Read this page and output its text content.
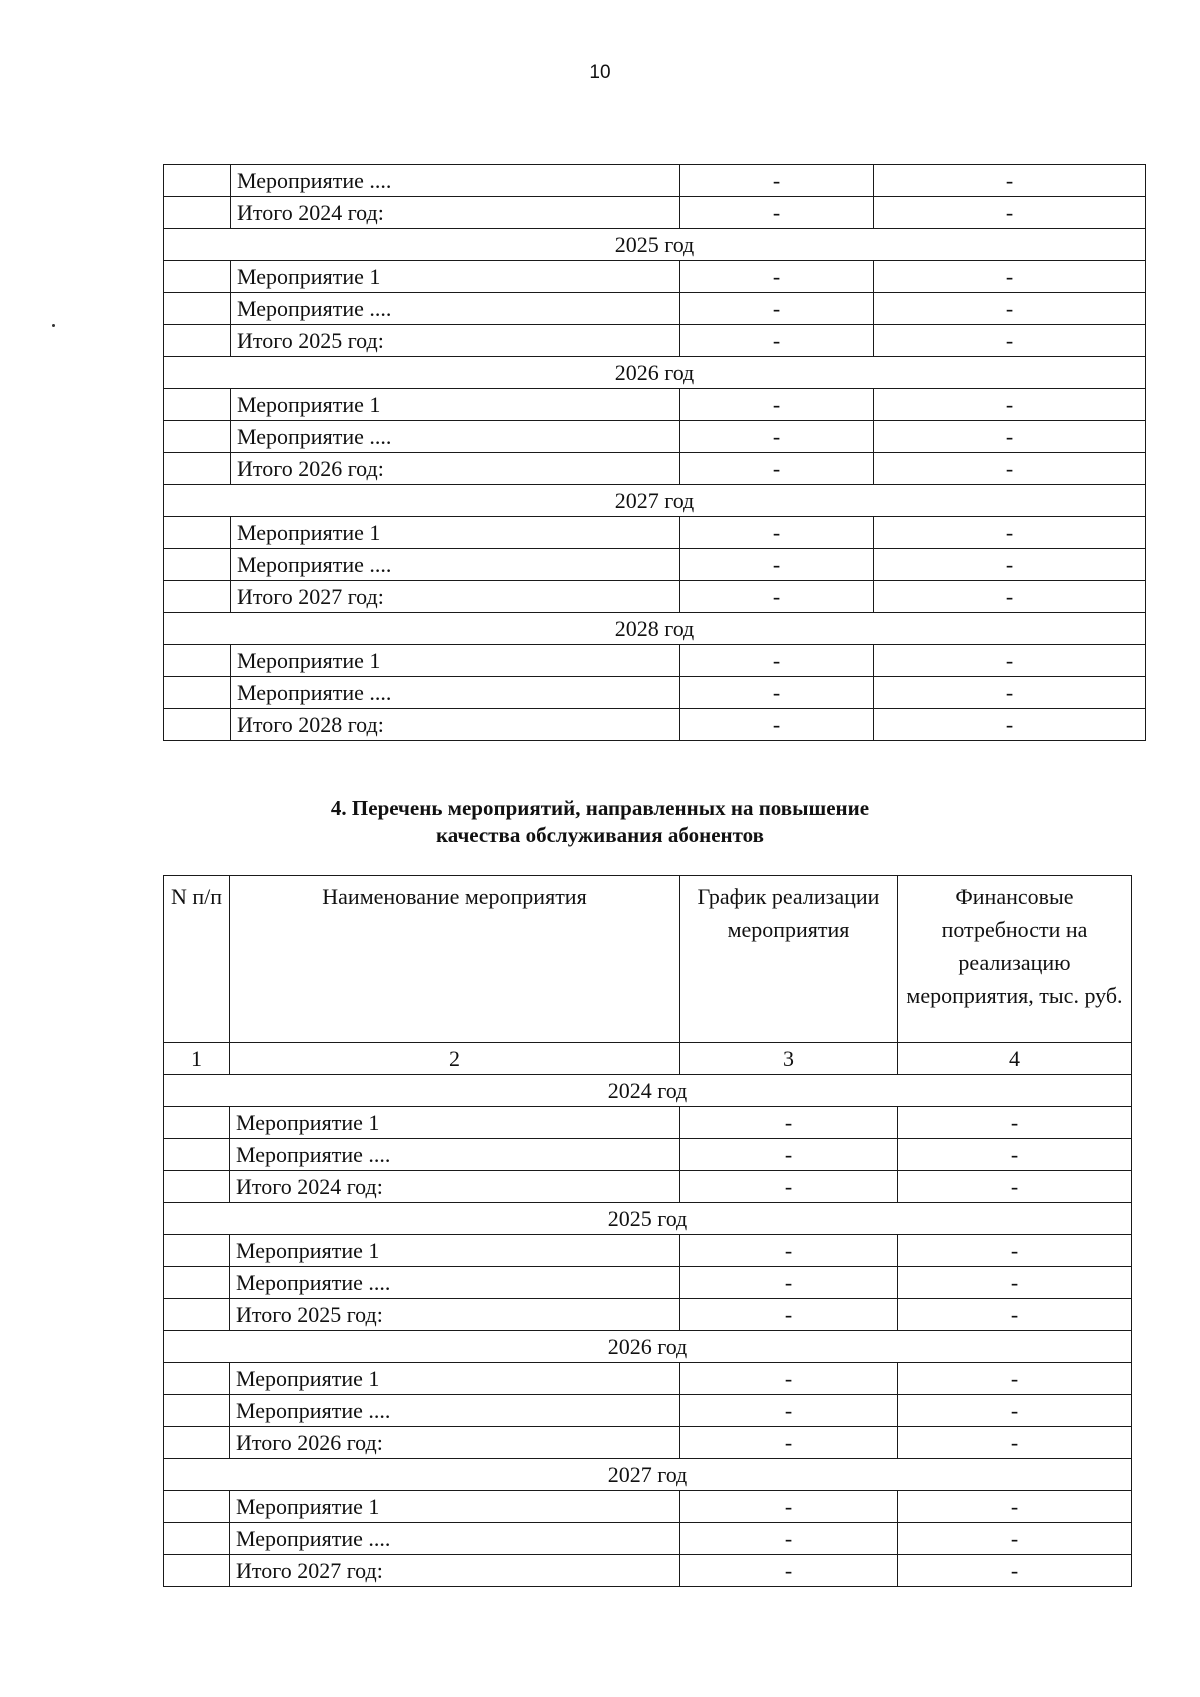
10
	Мероприятие ....	-	-
	Итого 2024 год:	-	-
2025 год			
	Мероприятие 1	-	-
	Мероприятие ....	-	-
	Итого 2025 год:	-	-
2026 год			
	Мероприятие 1	-	-
	Мероприятие ....	-	-
	Итого 2026 год:	-	-
2027 год			
	Мероприятие 1	-	-
	Мероприятие ....	-	-
	Итого 2027 год:	-	-
2028 год			
	Мероприятие 1	-	-
	Мероприятие ....	-	-
	Итого 2028 год:	-	-
4. Перечень мероприятий, направленных на повышение
качества обслуживания абонентов
N п/п	Наименование мероприятия	График реализации мероприятия	Финансовые потребности на реализацию мероприятия, тыс. руб.
1	2	3	4
2024 год			
	Мероприятие 1	-	-
	Мероприятие ....	-	-
	Итого 2024 год:	-	-
2025 год			
	Мероприятие 1	-	-
	Мероприятие ....	-	-
	Итого 2025 год:	-	-
2026 год			
	Мероприятие 1	-	-
	Мероприятие ....	-	-
	Итого 2026 год:	-	-
2027 год			
	Мероприятие 1	-	-
	Мероприятие ....	-	-
	Итого 2027 год:	-	-
